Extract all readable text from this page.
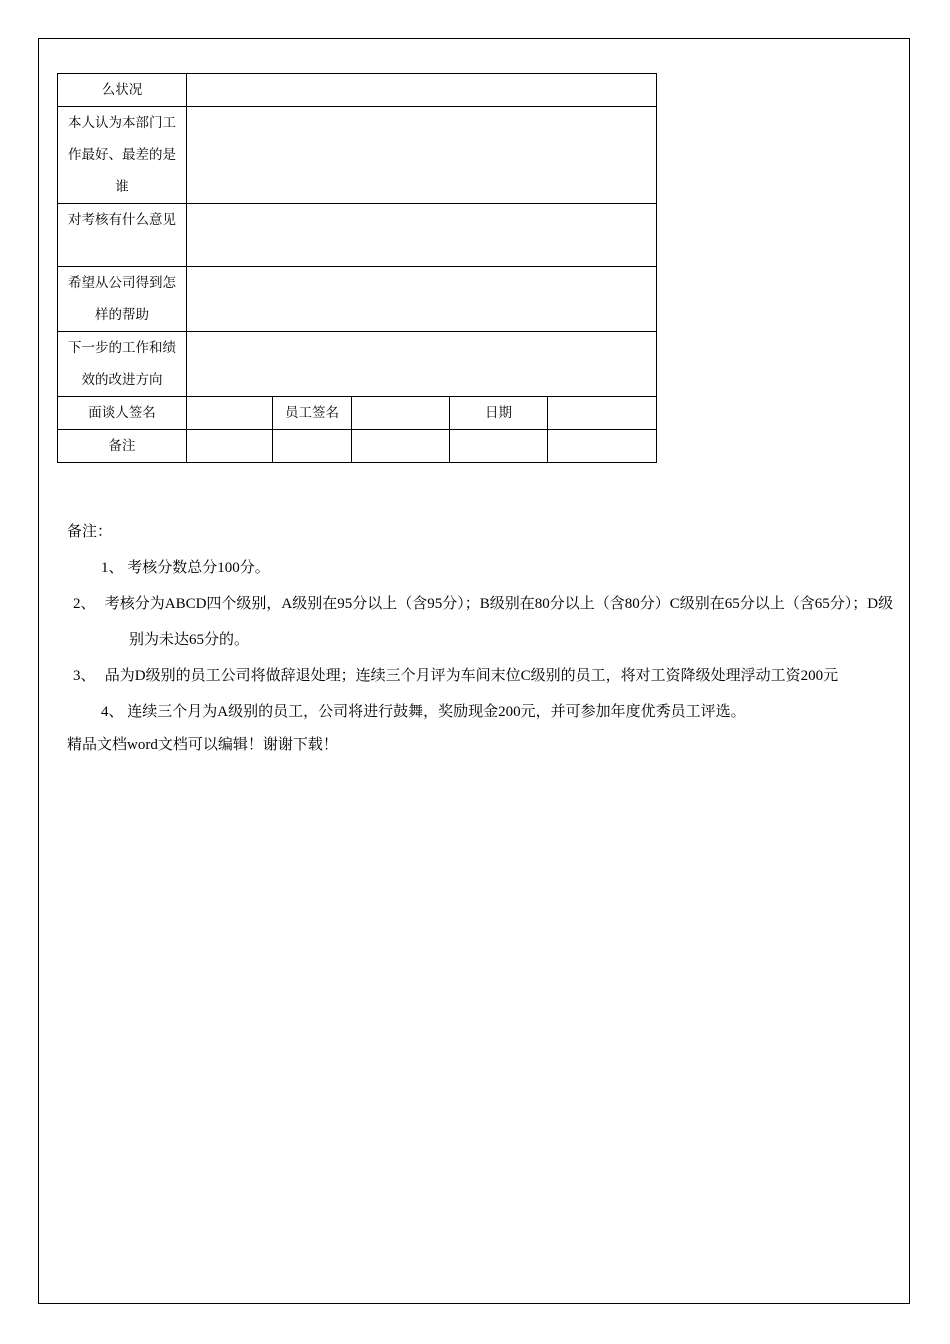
么状况					
本人认为本部门工作最好、最差的是谁					
对考核有什么意见					
希望从公司得到怎样的帮助					
下一步的工作和绩效的改进方向					
面谈人签名		员工签名		日期	
备注					
备注：
1、 考核分数总分100分。
2、 考核分为ABCD四个级别，A级别在95分以上（含95分）；B级别在80分以上（含80分）C级别在65分以上（含65分）；D级别为未达65分的。
3、 品为D级别的员工公司将做辞退处理；连续三个月评为车间末位C级别的员工，将对工资降级处理浮动工资200元
4、 连续三个月为A级别的员工，公司将进行鼓舞，奖励现金200元，并可参加年度优秀员工评选。
精品文档word文档可以编辑！谢谢下载！
